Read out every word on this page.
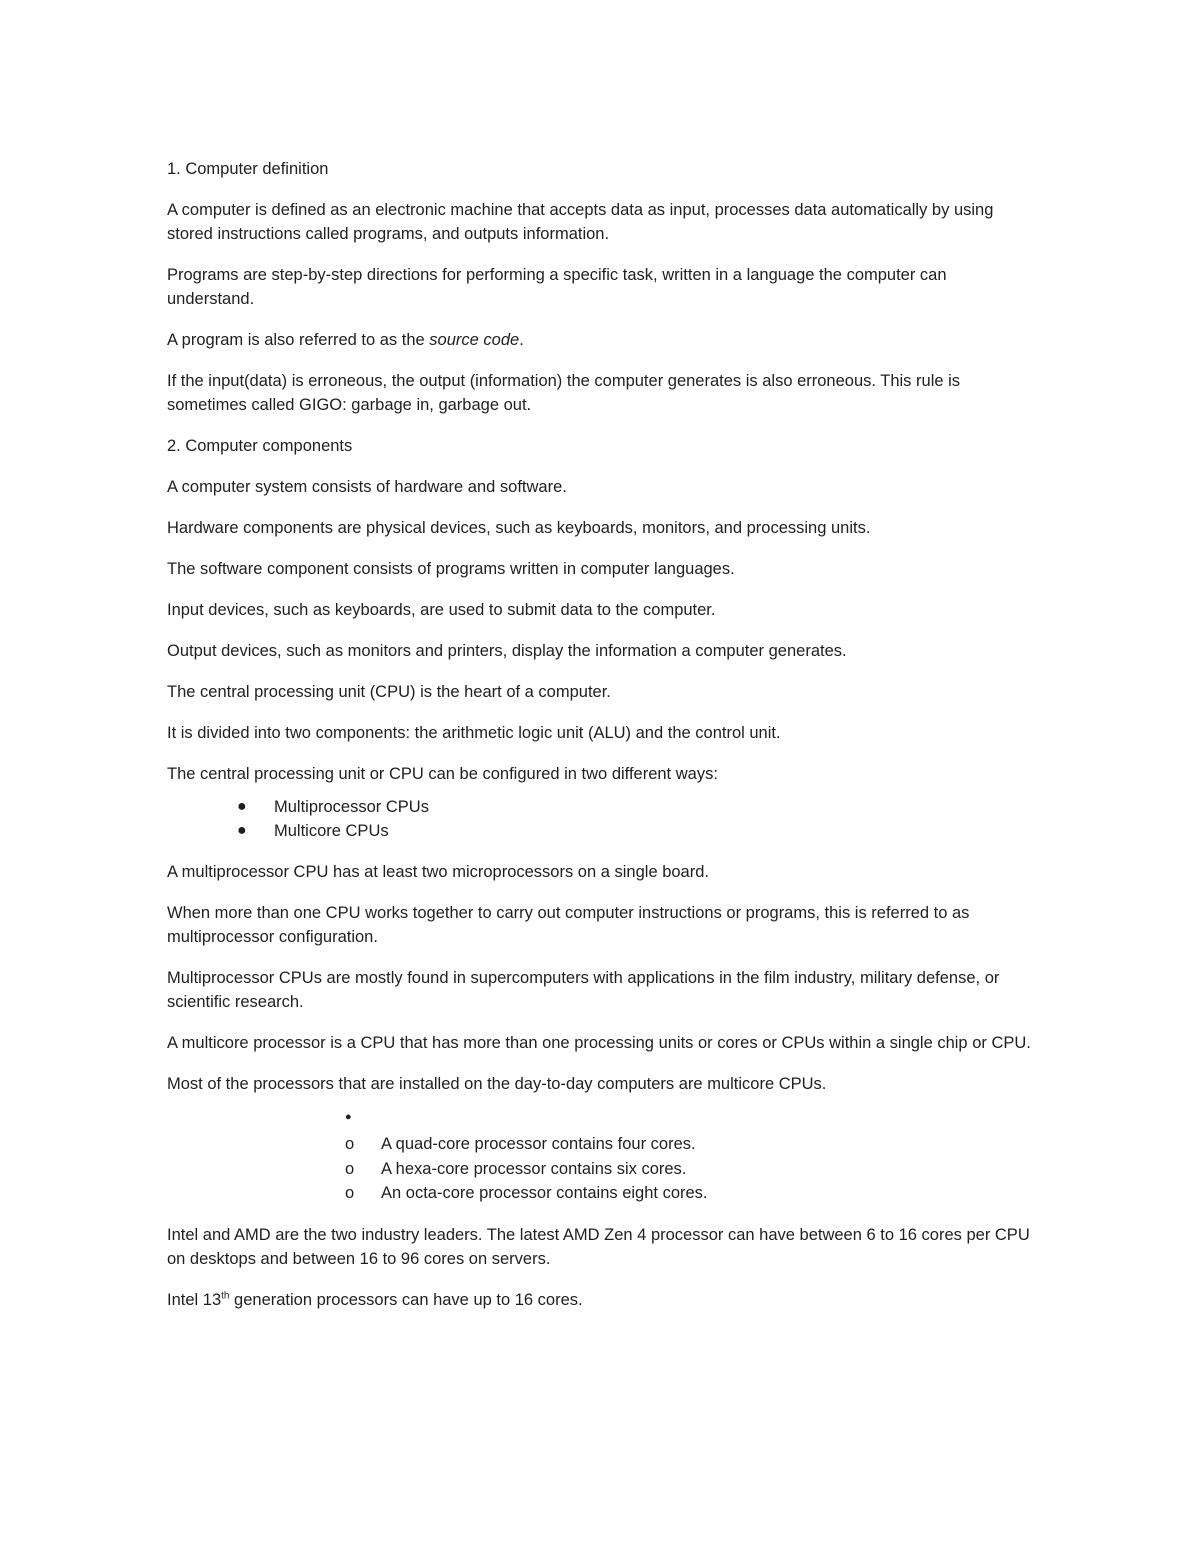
1. Computer definition

A computer is defined as an electronic machine that accepts data as input, processes data automatically by using stored instructions called programs, and outputs information.

Programs are step-by-step directions for performing a specific task, written in a language the computer can understand.

A program is also referred to as the source code.

If the input(data) is erroneous, the output (information) the computer generates is also erroneous. This rule is sometimes called GIGO: garbage in, garbage out.

2. Computer components

A computer system consists of hardware and software.

Hardware components are physical devices, such as keyboards, monitors, and processing units.

The software component consists of programs written in computer languages.

Input devices, such as keyboards, are used to submit data to the computer.

Output devices, such as monitors and printers, display the information a computer generates.

The central processing unit (CPU) is the heart of a computer.

It is divided into two components: the arithmetic logic unit (ALU) and the control unit.

The central processing unit or CPU can be configured in two different ways:

● Multiprocessor CPUs
● Multicore CPUs

A multiprocessor CPU has at least two microprocessors on a single board.

When more than one CPU works together to carry out computer instructions or programs, this is referred to as multiprocessor configuration.

Multiprocessor CPUs are mostly found in supercomputers with applications in the film industry, military defense, or scientific research.

A multicore processor is a CPU that has more than one processing units or cores or CPUs within a single chip or CPU.

Most of the processors that are installed on the day-to-day computers are multicore CPUs.

●
o A quad-core processor contains four cores.
o A hexa-core processor contains six cores.
o An octa-core processor contains eight cores.

Intel and AMD are the two industry leaders. The latest AMD Zen 4 processor can have between 6 to 16 cores per CPU on desktops and between 16 to 96 cores on servers.

Intel 13th generation processors can have up to 16 cores.
